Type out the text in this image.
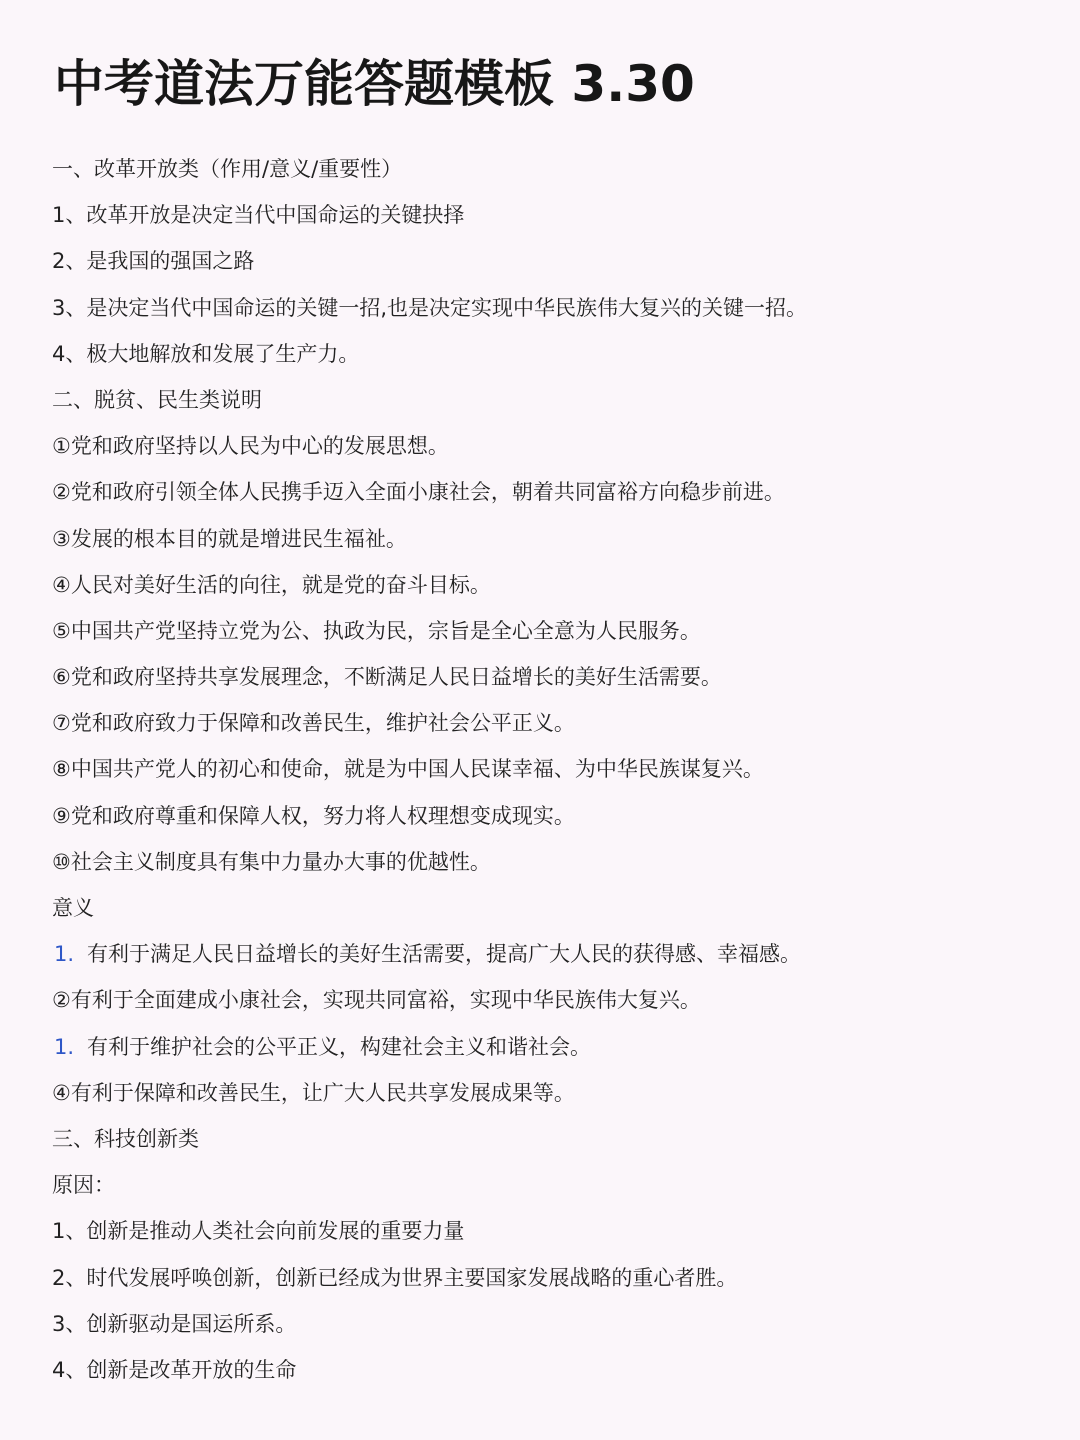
中考道法万能答题模板 3.30
一、改革开放类（作用/意义/重要性）
1、改革开放是决定当代中国命运的关键抉择
2、是我国的强国之路
3、是决定当代中国命运的关键一招,也是决定实现中华民族伟大复兴的关键一招。
4、极大地解放和发展了生产力。
二、脱贫、民生类说明
①党和政府坚持以人民为中心的发展思想。
②党和政府引领全体人民携手迈入全面小康社会，朝着共同富裕方向稳步前进。
③发展的根本目的就是增进民生福祉。
④人民对美好生活的向往，就是党的奋斗目标。
⑤中国共产党坚持立党为公、执政为民，宗旨是全心全意为人民服务。
⑥党和政府坚持共享发展理念，不断满足人民日益增长的美好生活需要。
⑦党和政府致力于保障和改善民生，维护社会公平正义。
⑧中国共产党人的初心和使命，就是为中国人民谋幸福、为中华民族谋复兴。
⑨党和政府尊重和保障人权，努力将人权理想变成现实。
⑩社会主义制度具有集中力量办大事的优越性。
意义
1. 有利于满足人民日益增长的美好生活需要，提高广大人民的获得感、幸福感。
②有利于全面建成小康社会，实现共同富裕，实现中华民族伟大复兴。
1. 有利于维护社会的公平正义，构建社会主义和谐社会。
④有利于保障和改善民生，让广大人民共享发展成果等。
三、科技创新类
原因：
1、创新是推动人类社会向前发展的重要力量
2、时代发展呼唤创新，创新已经成为世界主要国家发展战略的重心者胜。
3、创新驱动是国运所系。
4、创新是改革开放的生命
